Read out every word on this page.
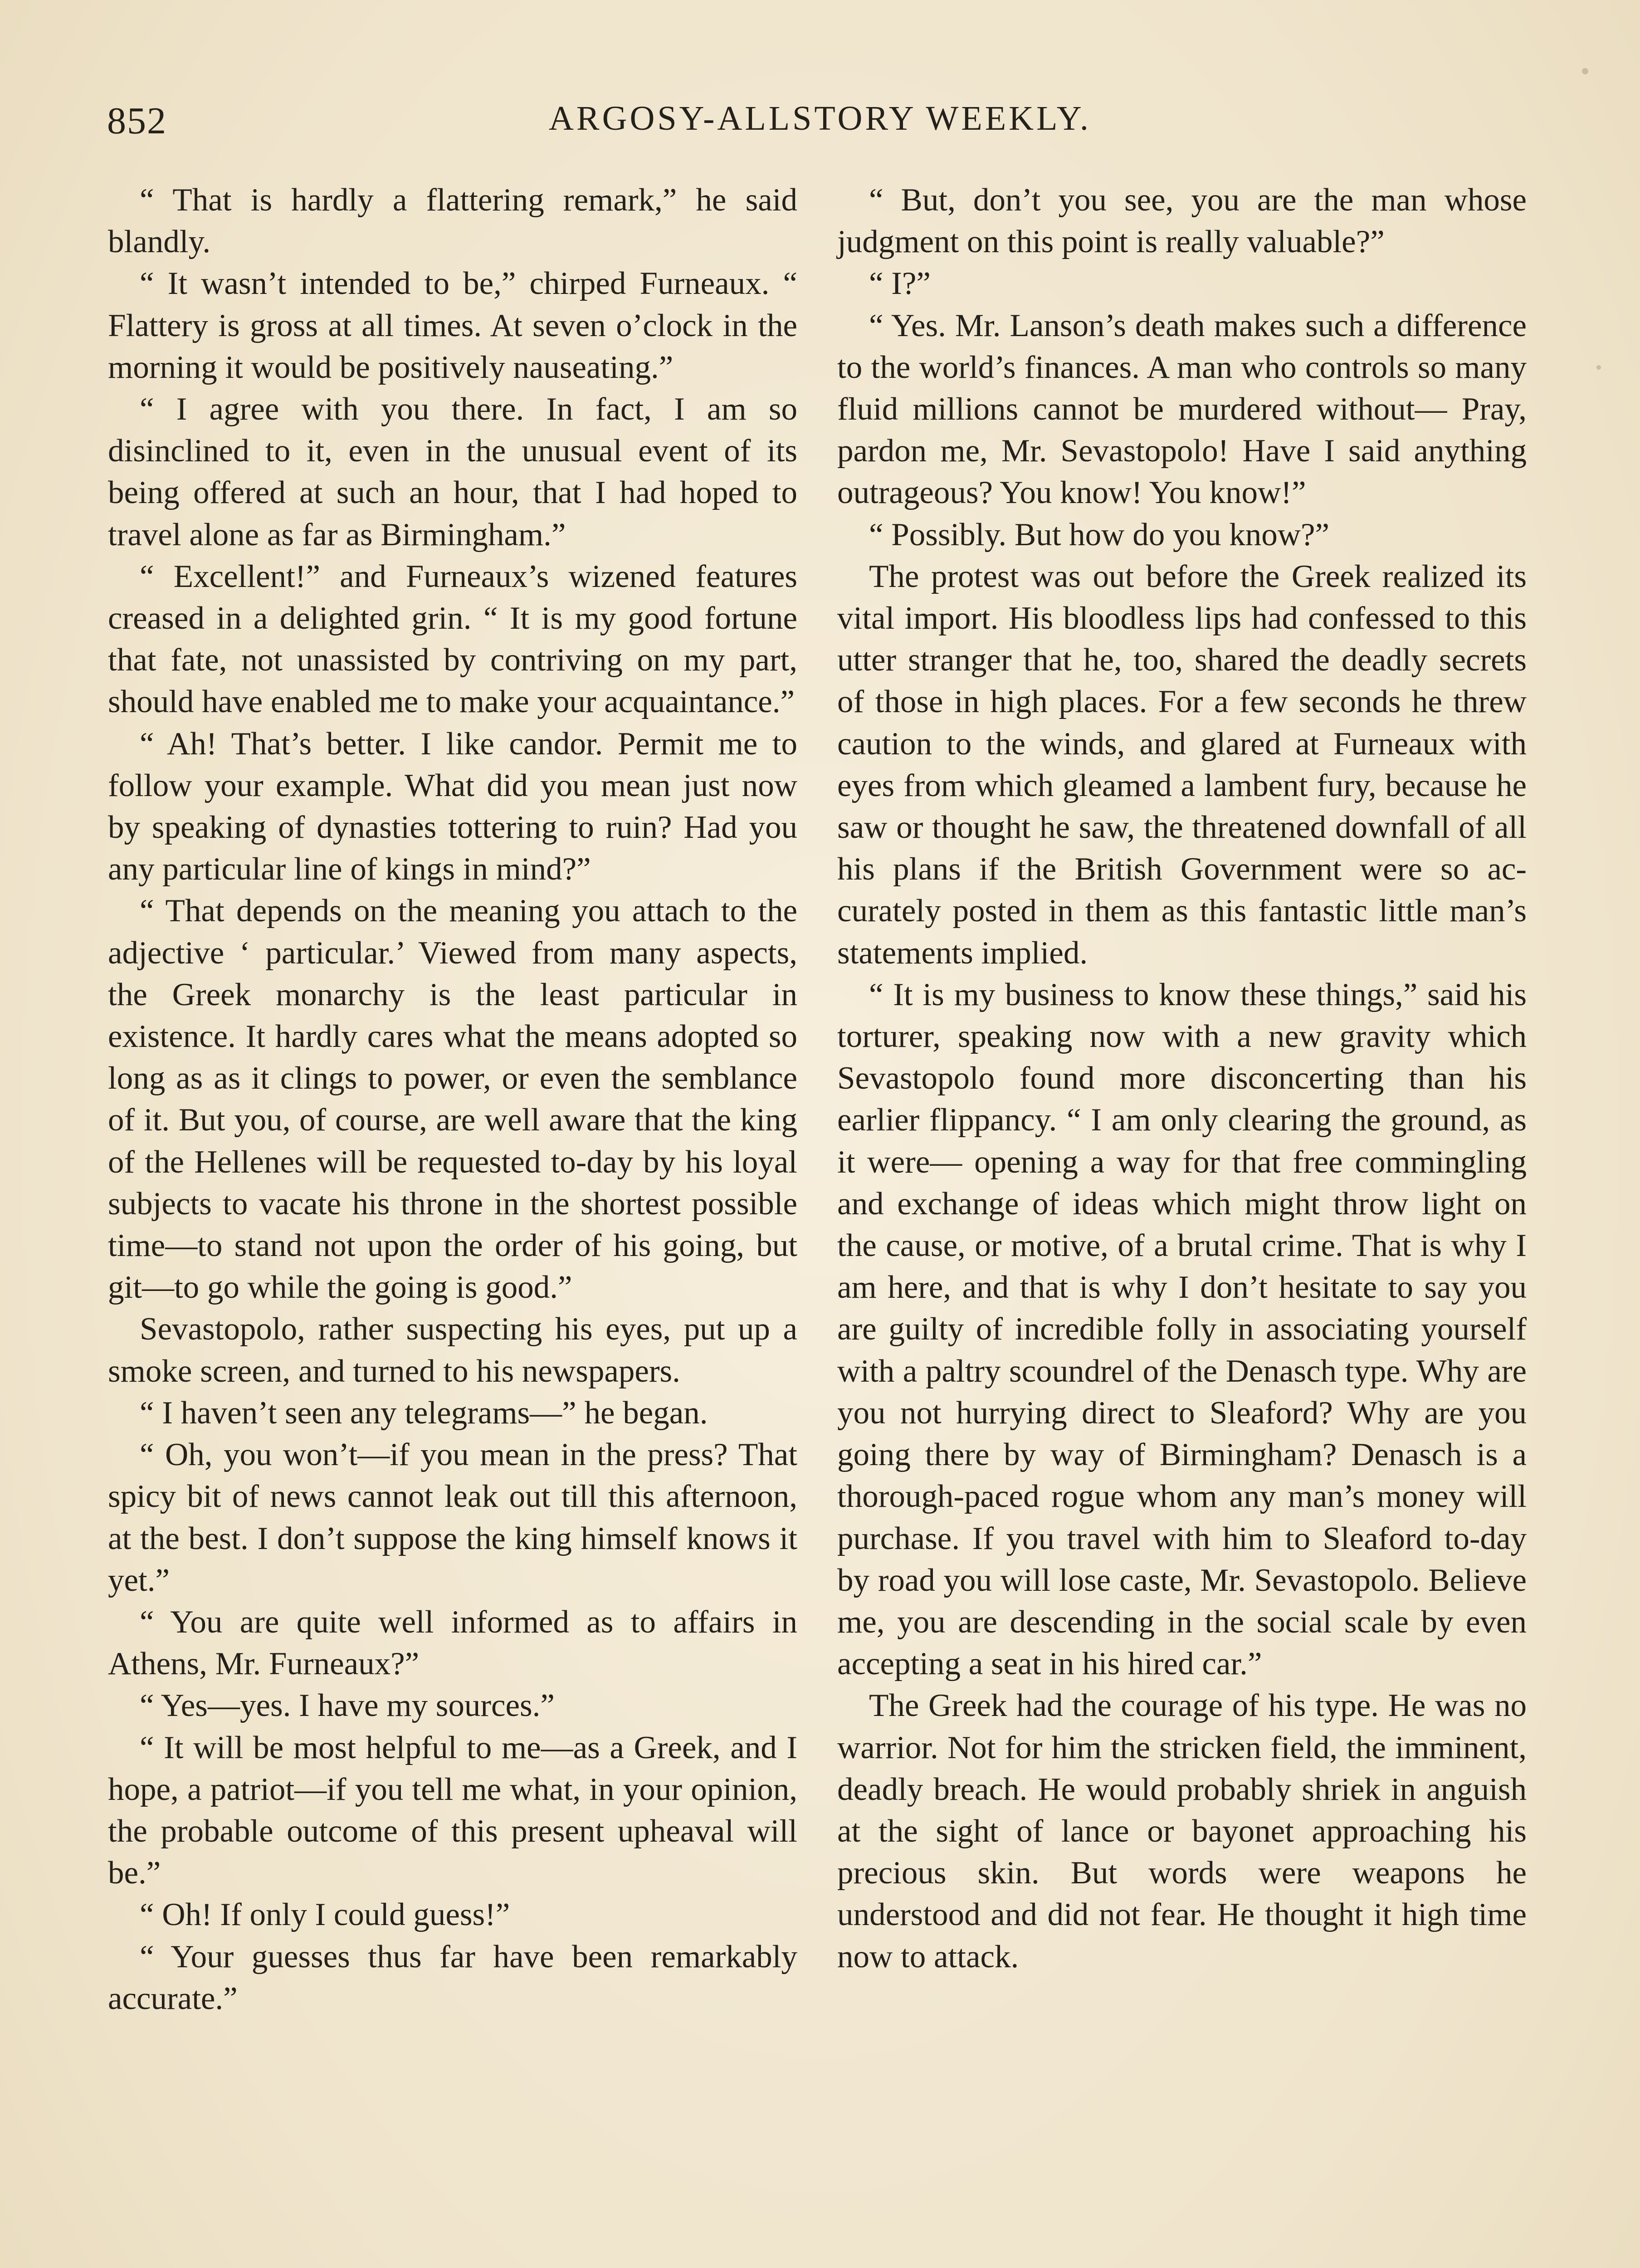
852	ARGOSY-ALLSTORY WEEKLY.

“ That is hardly a flattering remark,” he said blandly.

“ It wasn’t intended to be,” chirped Furneaux. “ Flattery is gross at all times. At seven o’clock in the morning it would be positively nauseating.”

“ I agree with you there. In fact, I am so disinclined to it, even in the unusual event of its being offered at such an hour, that I had hoped to travel alone as far as Birmingham.”

“ Excellent!” and Furneaux’s wizened features creased in a delighted grin. “ It is my good fortune that fate, not unassisted by contriving on my part, should have enabled me to make your acquaintance.”

“ Ah! That’s better. I like candor. Permit me to follow your example. What did you mean just now by speaking of dynasties tottering to ruin? Had you any particular line of kings in mind?”

“ That depends on the meaning you attach to the adjective ‘ particular.’ Viewed from many aspects, the Greek monarchy is the least particular in existence. It hardly cares what the means adopted so long as as it clings to power, or even the semblance of it. But you, of course, are well aware that the king of the Hellenes will be requested to-day by his loyal subjects to vacate his throne in the shortest possible time—to stand not upon the order of his going, but git—to go while the going is good.”

Sevastopolo, rather suspecting his eyes, put up a smoke screen, and turned to his newspapers.

“ I haven’t seen any telegrams—” he began.

“ Oh, you won’t—if you mean in the press? That spicy bit of news cannot leak out till this afternoon, at the best. I don’t suppose the king himself knows it yet.”

“ You are quite well informed as to affairs in Athens, Mr. Furneaux?”

“ Yes—yes. I have my sources.”

“ It will be most helpful to me—as a Greek, and I hope, a patriot—if you tell me what, in your opinion, the probable outcome of this present upheaval will be.”

“ Oh! If only I could guess!”

“ Your guesses thus far have been remarkably accurate.”

“ But, don’t you see, you are the man whose judgment on this point is really valuable?”

“ I?”

“ Yes. Mr. Lanson’s death makes such a difference to the world’s finances. A man who controls so many fluid millions cannot be murdered without— Pray, pardon me, Mr. Sevastopolo! Have I said anything outrageous? You know! You know!”

“ Possibly. But how do you know?”

The protest was out before the Greek realized its vital import. His bloodless lips had confessed to this utter stranger that he, too, shared the deadly secrets of those in high places. For a few seconds he threw caution to the winds, and glared at Furneaux with eyes from which gleamed a lambent fury, because he saw or thought he saw, the threatened downfall of all his plans if the British Government were so accurately posted in them as this fantastic little man’s statements implied.

“ It is my business to know these things,” said his torturer, speaking now with a new gravity which Sevastopolo found more disconcerting than his earlier flippancy. “ I am only clearing the ground, as it were— opening a way for that free commingling and exchange of ideas which might throw light on the cause, or motive, of a brutal crime. That is why I am here, and that is why I don’t hesitate to say you are guilty of incredible folly in associating yourself with a paltry scoundrel of the Denasch type. Why are you not hurrying direct to Sleaford? Why are you going there by way of Birmingham? Denasch is a thorough-paced rogue whom any man’s money will purchase. If you travel with him to Sleaford to-day by road you will lose caste, Mr. Sevastopolo. Believe me, you are descending in the social scale by even accepting a seat in his hired car.”

The Greek had the courage of his type. He was no warrior. Not for him the stricken field, the imminent, deadly breach. He would probably shriek in anguish at the sight of lance or bayonet approaching his precious skin. But words were weapons he understood and did not fear. He thought it high time now to attack.
